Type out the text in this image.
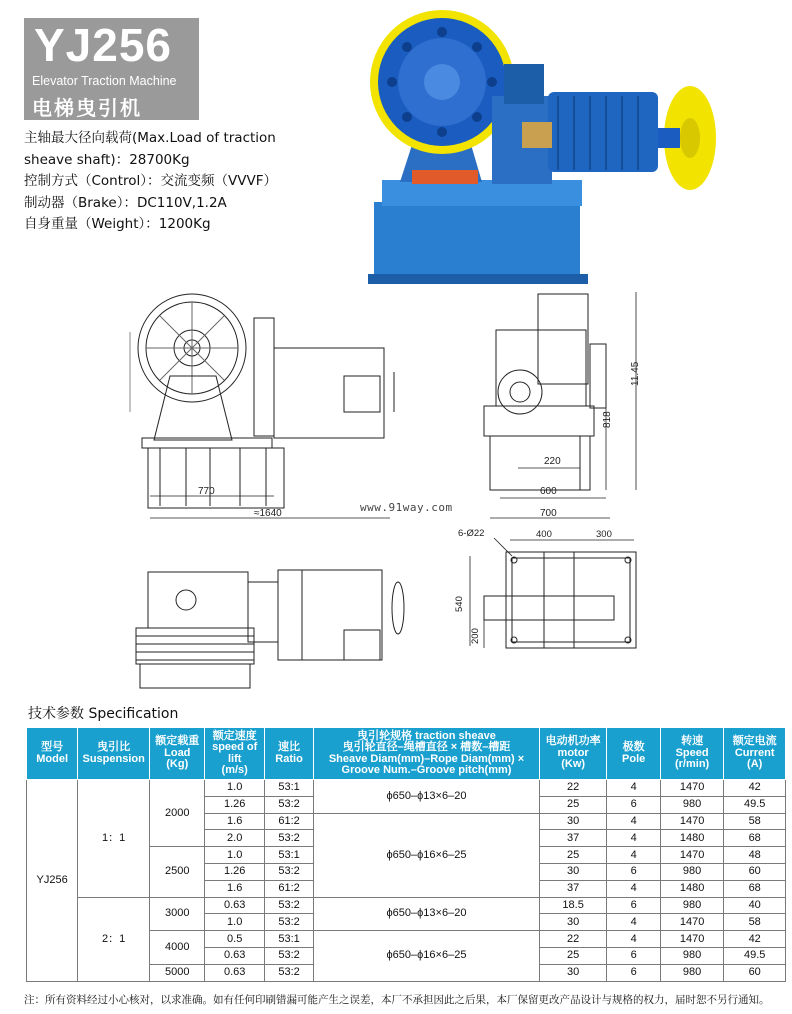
YJ256
Elevator Traction Machine
电梯曳引机
主轴最大径向载荷(Max.Load of traction
sheave shaft)：28700Kg
控制方式（Control）：交流变频（VVVF）
制动器（Brake）：DC110V,1.2A
自身重量（Weight）：1200Kg
770
≈1640
11.45
818
220
600
700
6-Ø22	400	300
540
200
www.91way.com
技术参数 Specification
型号
Model	曳引比
Suspension	额定载重
Load
(Kg)	额定速度
speed of lift
(m/s)	速比
Ratio	曳引轮规格 traction sheave
曳引轮直径–绳槽直径 × 槽数–槽距
Sheave Diam(mm)–Rope Diam(mm) ×
Groove Num.–Groove pitch(mm)	电动机功率
motor
(Kw)	极数
Pole	转速
Speed
(r/min)	额定电流
Current
(A)
YJ256	1：1	2000	1.0	53:1	ϕ650–ϕ13×6–20	22	4	1470	42
			1.26	53:2		25	6	980	49.5
			1.6	61:2	ϕ650–ϕ16×6–25	30	4	1470	58
			2.0	53:2		37	4	1480	68
		2500	1.0	53:1		25	4	1470	48
			1.26	53:2		30	6	980	60
			1.6	61:2		37	4	1480	68
	2：1	3000	0.63	53:2	ϕ650–ϕ13×6–20	18.5	6	980	40
			1.0	53:2		30	4	1470	58
		4000	0.5	53:1	ϕ650–ϕ16×6–25	22	4	1470	42
			0.63	53:2		25	6	980	49.5
		5000	0.63	53:2		30	6	980	60
注：所有资料经过小心核对，以求准确。如有任何印刷错漏可能产生之误差，本厂不承担因此之后果，本厂保留更改产品设计与规格的权力，届时恕不另行通知。
